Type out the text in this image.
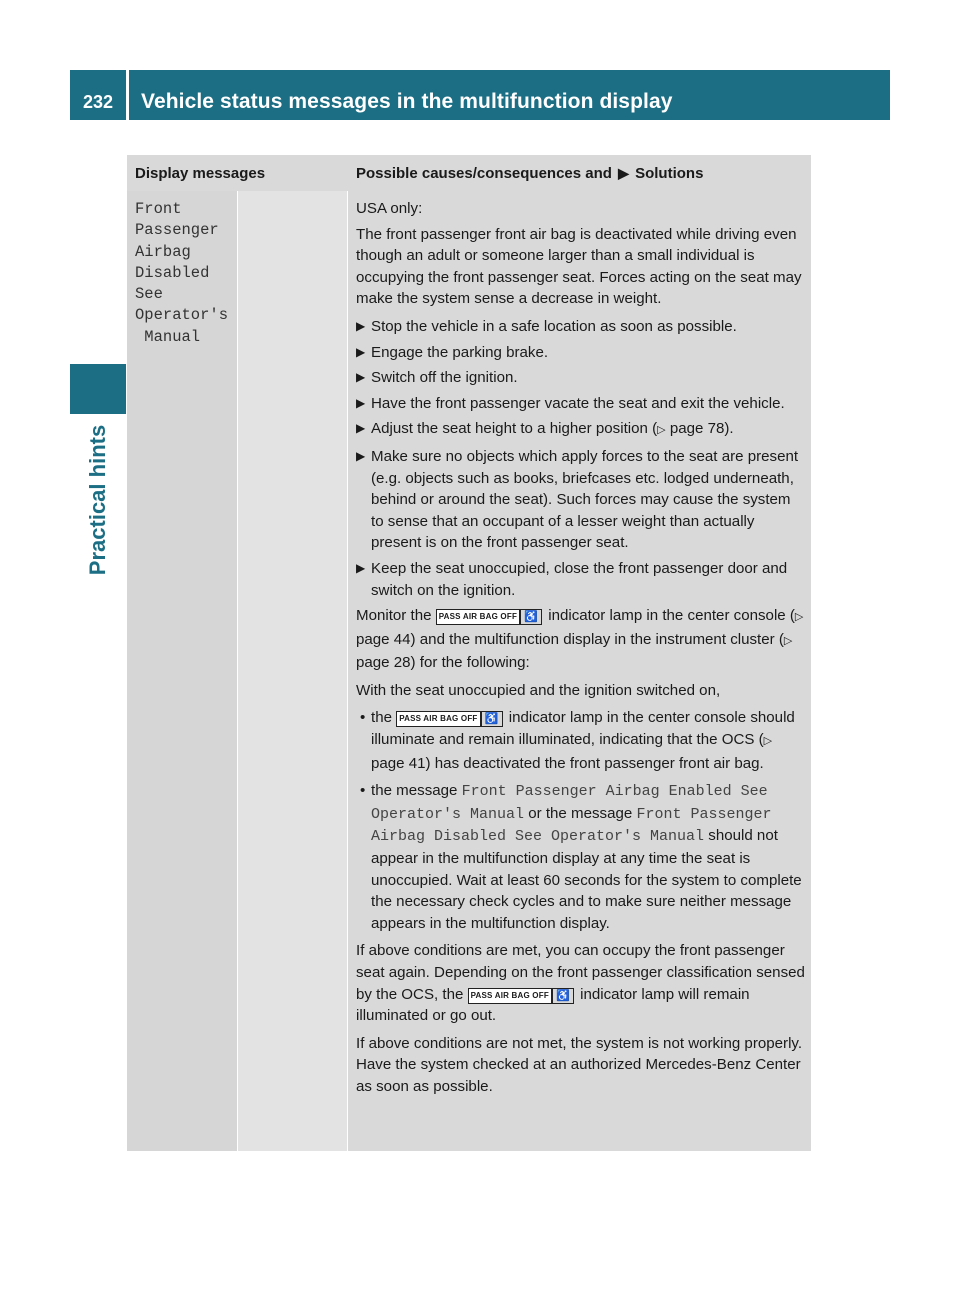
232	Vehicle status messages in the multifunction display
Practical hints
Display messages	Possible causes/consequences and ▶ Solutions
Front
Passenger
Airbag
Disabled
See
Operator's
Manual

USA only:

The front passenger front air bag is deactivated while driving even though an adult or someone larger than a small individual is occupying the front passenger seat. Forces acting on the seat may make the system sense a decrease in weight.

▶ Stop the vehicle in a safe location as soon as possible.
▶ Engage the parking brake.
▶ Switch off the ignition.
▶ Have the front passenger vacate the seat and exit the vehicle.
▶ Adjust the seat height to a higher position (▷ page 78).
▶ Make sure no objects which apply forces to the seat are present (e.g. objects such as books, briefcases etc. lodged underneath, behind or around the seat). Such forces may cause the system to sense that an occupant of a lesser weight than actually present is on the front passenger seat.
▶ Keep the seat unoccupied, close the front passenger door and switch on the ignition.

Monitor the PASS AIR BAG OFF ♿ indicator lamp in the center console (▷ page 44) and the multifunction display in the instrument cluster (▷ page 28) for the following:

With the seat unoccupied and the ignition switched on,

• the PASS AIR BAG OFF ♿ indicator lamp in the center console should illuminate and remain illuminated, indicating that the OCS (▷ page 41) has deactivated the front passenger front air bag.
• the message Front Passenger Airbag Enabled See Operator's Manual or the message Front Passenger Airbag Disabled See Operator's Manual should not appear in the multifunction display at any time the seat is unoccupied. Wait at least 60 seconds for the system to complete the necessary check cycles and to make sure neither message appears in the multifunction display.

If above conditions are met, you can occupy the front passenger seat again. Depending on the front passenger classification sensed by the OCS, the PASS AIR BAG OFF ♿ indicator lamp will remain illuminated or go out.

If above conditions are not met, the system is not working properly. Have the system checked at an authorized Mercedes-Benz Center as soon as possible.
